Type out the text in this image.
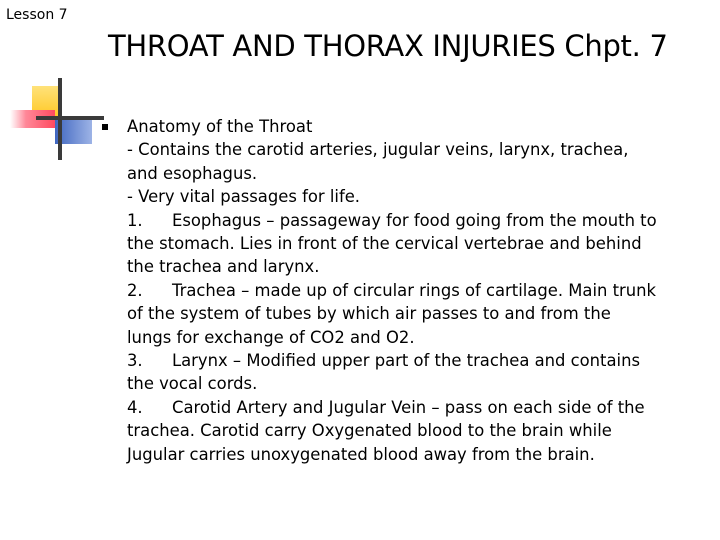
Lesson 7
THROAT AND THORAX INJURIES Chpt. 7
Anatomy of the Throat
- Contains the carotid arteries, jugular veins, larynx, trachea,
and esophagus.
- Very vital passages for life.
1. Esophagus – passageway for food going from the mouth to
the stomach. Lies in front of the cervical vertebrae and behind
the trachea and larynx.
2. Trachea – made up of circular rings of cartilage. Main trunk
of the system of tubes by which air passes to and from the
lungs for exchange of CO2 and O2.
3. Larynx – Modified upper part of the trachea and contains
the vocal cords.
4. Carotid Artery and Jugular Vein – pass on each side of the
trachea. Carotid carry Oxygenated blood to the brain while
Jugular carries unoxygenated blood away from the brain.
